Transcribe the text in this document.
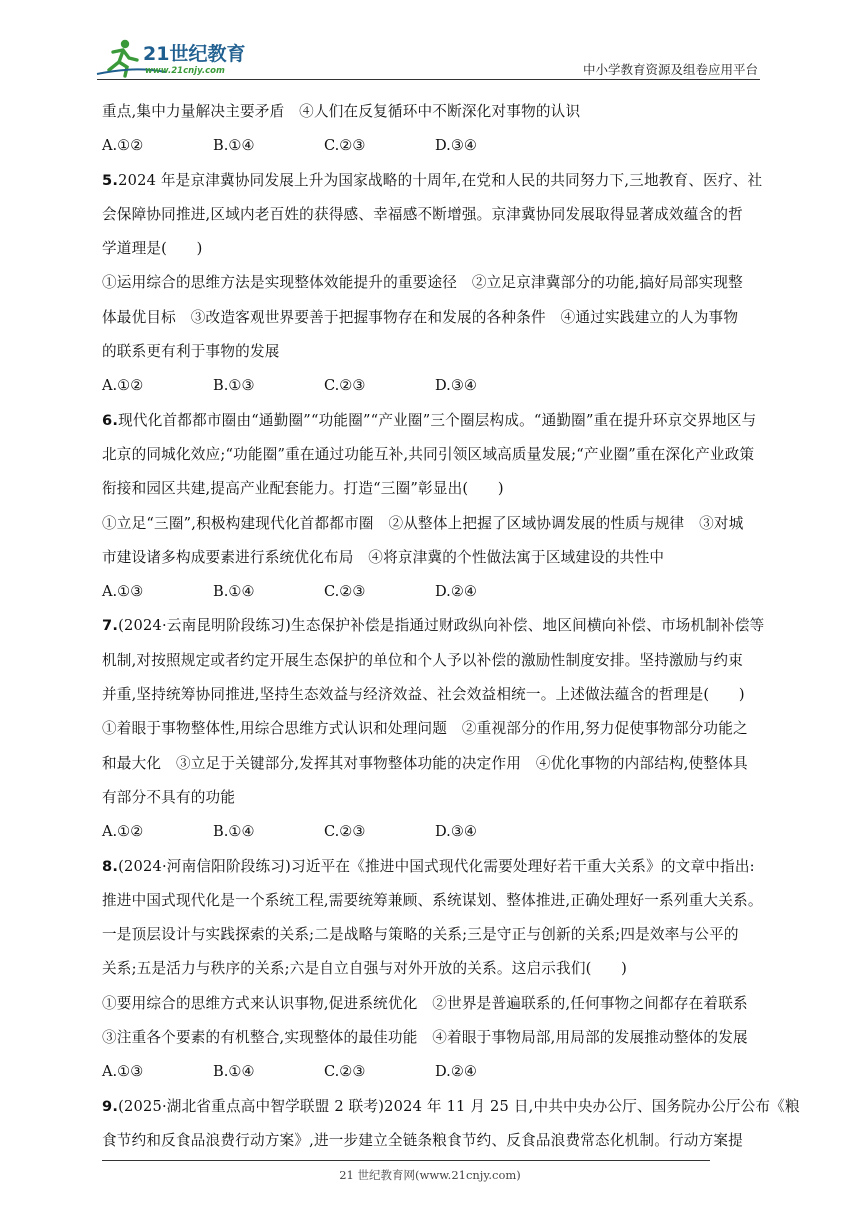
21世纪教育
www.21cnjy.com	中小学教育资源及组卷应用平台
重点,集中力量解决主要矛盾　④人们在反复循环中不断深化对事物的认识
A.①②	B.①④	C.②③	D.③④
5.2024 年是京津冀协同发展上升为国家战略的十周年,在党和人民的共同努力下,三地教育、医疗、社
会保障协同推进,区域内老百姓的获得感、幸福感不断增强。京津冀协同发展取得显著成效蕴含的哲
学道理是(　　)
①运用综合的思维方法是实现整体效能提升的重要途径　②立足京津冀部分的功能,搞好局部实现整
体最优目标　③改造客观世界要善于把握事物存在和发展的各种条件　④通过实践建立的人为事物
的联系更有利于事物的发展
A.①②	B.①③	C.②③	D.③④
6.现代化首都都市圈由“通勤圈”“功能圈”“产业圈”三个圈层构成。“通勤圈”重在提升环京交界地区与
北京的同城化效应;“功能圈”重在通过功能互补,共同引领区域高质量发展;“产业圈”重在深化产业政策
衔接和园区共建,提高产业配套能力。打造“三圈”彰显出(　　)
①立足“三圈”,积极构建现代化首都都市圈　②从整体上把握了区域协调发展的性质与规律　③对城
市建设诸多构成要素进行系统优化布局　④将京津冀的个性做法寓于区域建设的共性中
A.①③	B.①④	C.②③	D.②④
7.(2024·云南昆明阶段练习)生态保护补偿是指通过财政纵向补偿、地区间横向补偿、市场机制补偿等
机制,对按照规定或者约定开展生态保护的单位和个人予以补偿的激励性制度安排。坚持激励与约束
并重,坚持统筹协同推进,坚持生态效益与经济效益、社会效益相统一。上述做法蕴含的哲理是(　　)
①着眼于事物整体性,用综合思维方式认识和处理问题　②重视部分的作用,努力促使事物部分功能之
和最大化　③立足于关键部分,发挥其对事物整体功能的决定作用　④优化事物的内部结构,使整体具
有部分不具有的功能
A.①②	B.①④	C.②③	D.③④
8.(2024·河南信阳阶段练习)习近平在《推进中国式现代化需要处理好若干重大关系》的文章中指出:
推进中国式现代化是一个系统工程,需要统筹兼顾、系统谋划、整体推进,正确处理好一系列重大关系。
一是顶层设计与实践探索的关系;二是战略与策略的关系;三是守正与创新的关系;四是效率与公平的
关系;五是活力与秩序的关系;六是自立自强与对外开放的关系。这启示我们(　　)
①要用综合的思维方式来认识事物,促进系统优化　②世界是普遍联系的,任何事物之间都存在着联系
③注重各个要素的有机整合,实现整体的最佳功能　④着眼于事物局部,用局部的发展推动整体的发展
A.①③	B.①④	C.②③	D.②④
9.(2025·湖北省重点高中智学联盟 2 联考)2024 年 11 月 25 日,中共中央办公厅、国务院办公厅公布《粮
食节约和反食品浪费行动方案》,进一步建立全链条粮食节约、反食品浪费常态化机制。行动方案提
21 世纪教育网(www.21cnjy.com)
